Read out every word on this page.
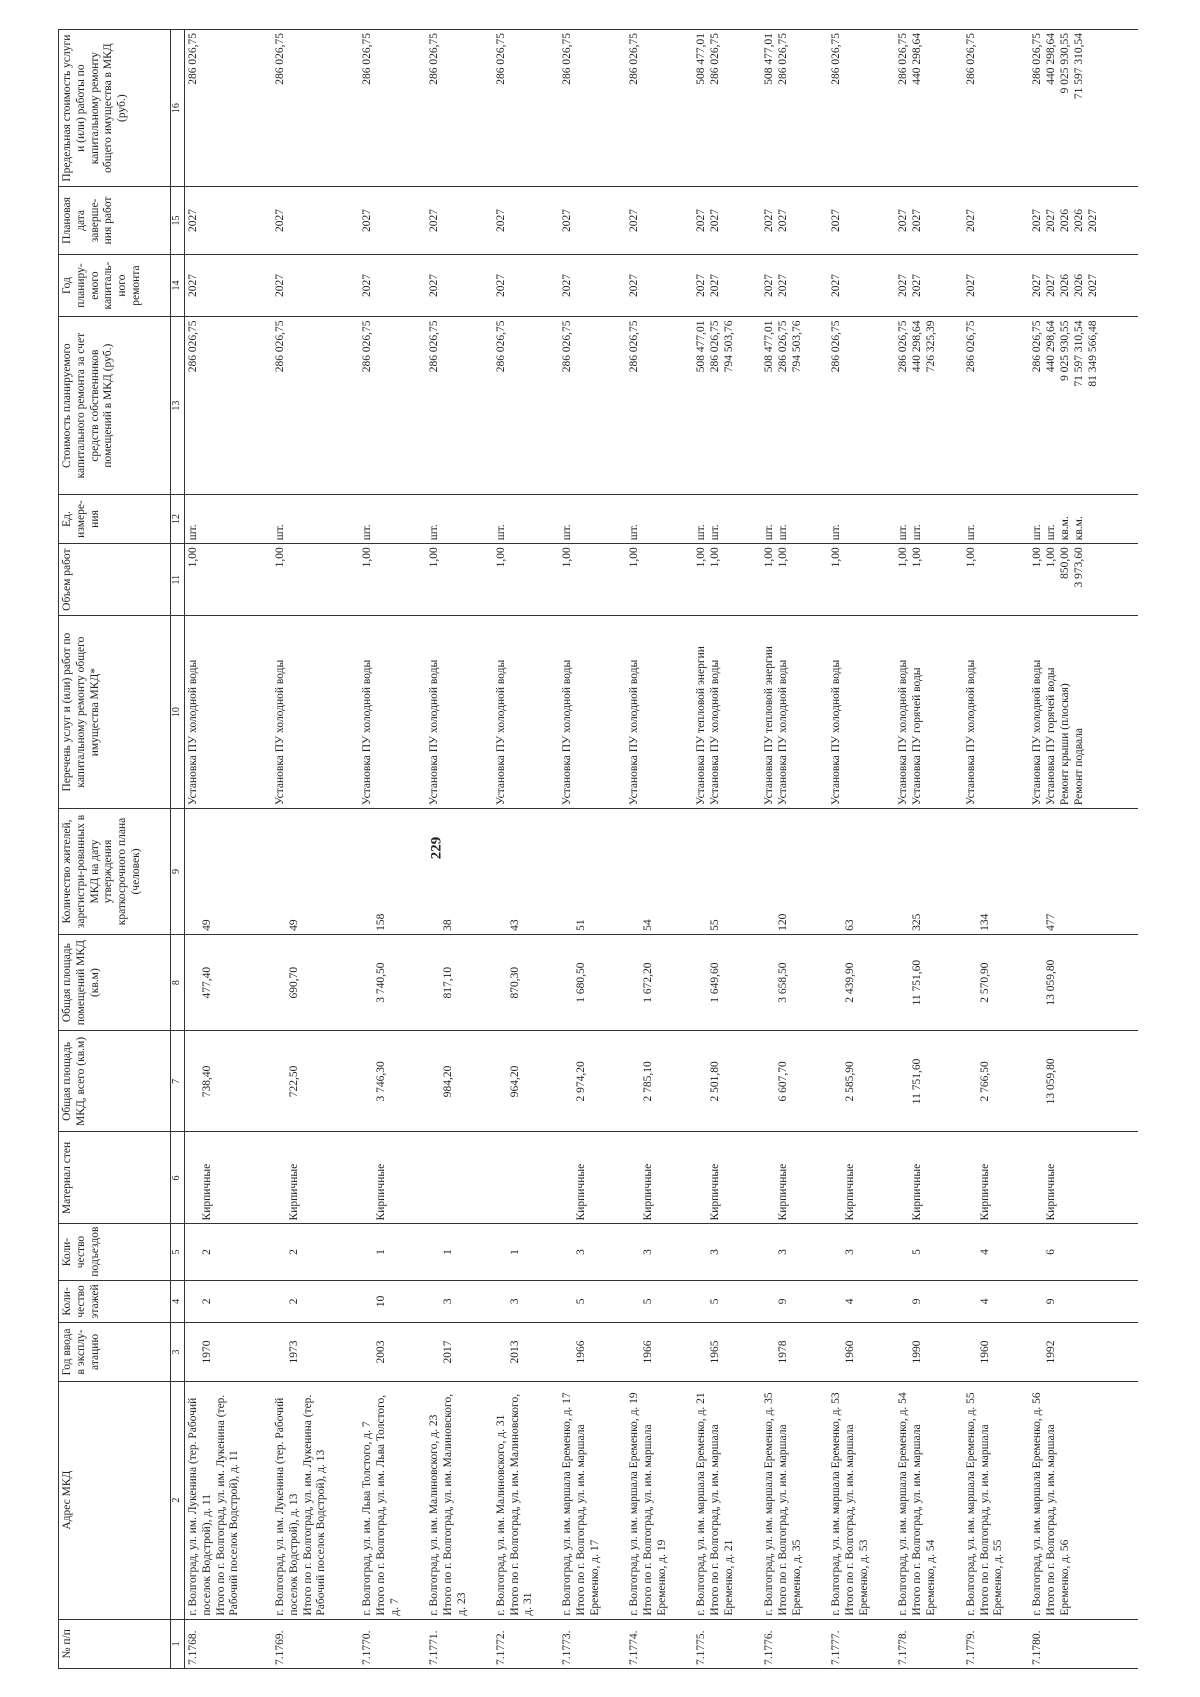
229
№ п/п	Адрес МКД	Год ввода в эксплу-атацию	Коли-чество этажей	Коли-чество подъездов	Материал стен	Общая площадь МКД, всего (кв.м)	Общая площадь помещений МКД (кв.м)	Количество жителей, зарегистри-рованных в МКД на дату утверждения краткосрочного плана (человек)	Перечень услуг и (или) работ по капитальному ремонту общего имущества МКД*	Объем работ	Ед. измере-ния	Стоимость планируемого капитального ремонта за счет средств собственников помещений в МКД (руб.)	Год планиру-емого капиталь-ного ремонта	Плановая дата заверше-ния работ	Предельная стоимость услуги и (или) работы по капитальному ремонту общего имущества в МКД (руб.)
1	2	3	4	5	6	7	8	9	10	11	12	13	14	15	16

7.1768.	г. Волгоград, ул. им. Лукенина (тер. Рабочий поселок Водстрой), д. 11 Итого по г. Волгоград, ул. им. Лукенина (тер. Рабочий поселок Водстрой), д. 11	1970	2	2	Кирпичные	738,40	477,40	49	Установка ПУ холодной воды	1,00	шт.	286 026,75	2027	2027	286 026,75

7.1769.	г. Волгоград, ул. им. Лукенина (тер. Рабочий поселок Водстрой), д. 13 Итого по г. Волгоград, ул. им. Лукенина (тер. Рабочий поселок Водстрой), д. 13	1973	2	2	Кирпичные	722,50	690,70	49	Установка ПУ холодной воды	1,00	шт.	286 026,75	2027	2027	286 026,75

7.1770.	г. Волгоград, ул. им. Льва Толстого, д. 7 Итого по г. Волгоград, ул. им. Льва Толстого, д. 7	2003	10	1	Кирпичные	3 746,30	3 740,50	158	Установка ПУ холодной воды	1,00	шт.	286 026,75	2027	2027	286 026,75

7.1771.	г. Волгоград, ул. им. Малиновского, д. 23 Итого по г. Волгоград, ул. им. Малиновского, д. 23	2017	3	1		984,20	817,10	38	Установка ПУ холодной воды	1,00	шт.	286 026,75	2027	2027	286 026,75

7.1772.	г. Волгоград, ул. им. Малиновского, д. 31 Итого по г. Волгоград, ул. им. Малиновского, д. 31	2013	3	1		964,20	870,30	43	Установка ПУ холодной воды	1,00	шт.	286 026,75	2027	2027	286 026,75

7.1773.	г. Волгоград, ул. им. маршала Еременко, д. 17 Итого по г. Волгоград, ул. им. маршала Еременко, д. 17	1966	5	3	Кирпичные	2 974,20	1 680,50	51	Установка ПУ холодной воды	1,00	шт.	286 026,75	2027	2027	286 026,75

7.1774.	г. Волгоград, ул. им. маршала Еременко, д. 19 Итого по г. Волгоград, ул. им. маршала Еременко, д. 19	1966	5	3	Кирпичные	2 785,10	1 672,20	54	Установка ПУ холодной воды	1,00	шт.	286 026,75	2027	2027	286 026,75

7.1775.	г. Волгоград, ул. им. маршала Еременко, д. 21 Итого по г. Волгоград, ул. им. маршала Еременко, д. 21	1965	5	3	Кирпичные	2 501,80	1 649,60	55	Установка ПУ тепловой энергии Установка ПУ холодной воды	1,00 1,00	шт. шт.	508 477,01 286 026,75 794 503,76	2027 2027	2027 2027	508 477,01 286 026,75

7.1776.	г. Волгоград, ул. им. маршала Еременко, д. 35 Итого по г. Волгоград, ул. им. маршала Еременко, д. 35	1978	9	3	Кирпичные	6 607,70	3 658,50	120	Установка ПУ тепловой энергии Установка ПУ холодной воды	1,00 1,00	шт. шт.	508 477,01 286 026,75 794 503,76	2027 2027	2027 2027	508 477,01 286 026,75

7.1777.	г. Волгоград, ул. им. маршала Еременко, д. 53 Итого по г. Волгоград, ул. им. маршала Еременко, д. 53	1960	4	3	Кирпичные	2 585,90	2 439,90	63	Установка ПУ холодной воды	1,00	шт.	286 026,75	2027	2027	286 026,75

7.1778.	г. Волгоград, ул. им. маршала Еременко, д. 54 Итого по г. Волгоград, ул. им. маршала Еременко, д. 54	1990	9	5	Кирпичные	11 751,60	11 751,60	325	Установка ПУ холодной воды Установка ПУ горячей воды	1,00 1,00	шт. шт.	286 026,75 440 298,64 726 325,39	2027 2027	2027 2027	286 026,75 440 298,64

7.1779.	г. Волгоград, ул. им. маршала Еременко, д. 55 Итого по г. Волгоград, ул. им. маршала Еременко, д. 55	1960	4	4	Кирпичные	2 766,50	2 570,90	134	Установка ПУ холодной воды	1,00	шт.	286 026,75	2027	2027	286 026,75

7.1780.	г. Волгоград, ул. им. маршала Еременко, д. 56 Итого по г. Волгоград, ул. им. маршала Еременко, д. 56	1992	9	6	Кирпичные	13 059,80	13 059,80	477	Установка ПУ холодной воды Установка ПУ горячей воды Ремонт крыши (плоская) Ремонт подвала	1,00 1,00 850,00 3 973,60	шт. шт. кв.м. кв.м.	286 026,75 440 298,64 9 025 930,55 71 597 310,54 81 349 566,48	2027 2027 2026 2026 2027	2027 2027 2026 2026 2027	286 026,75 440 298,64 9 025 930,55 71 597 310,54
